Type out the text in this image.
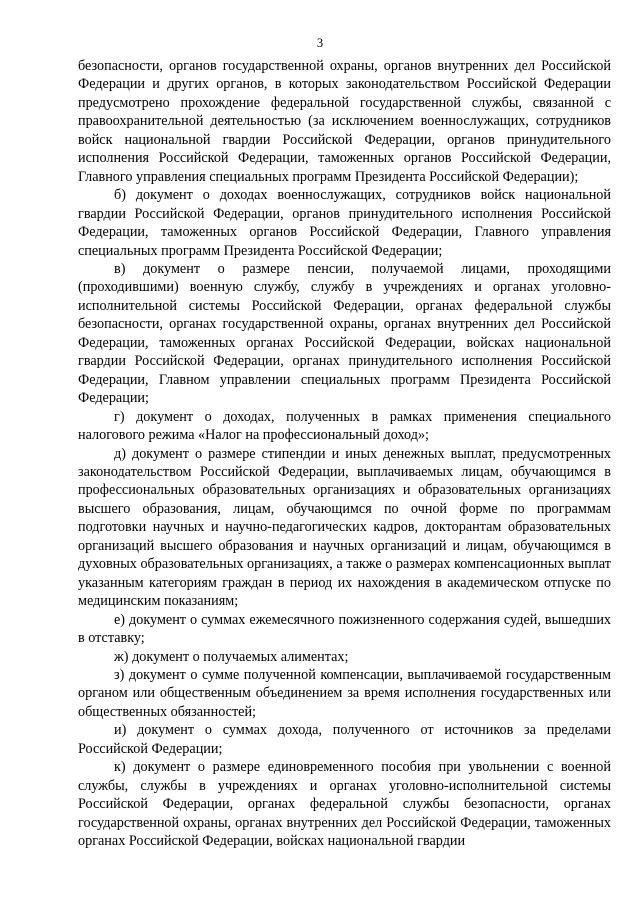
3

безопасности, органов государственной охраны, органов внутренних дел Российской Федерации и других органов, в которых законодательством Российской Федерации предусмотрено прохождение федеральной государственной службы, связанной с правоохранительной деятельностью (за исключением военнослужащих, сотрудников войск национальной гвардии Российской Федерации, органов принудительного исполнения Российской Федерации, таможенных органов Российской Федерации, Главного управления специальных программ Президента Российской Федерации);

б) документ о доходах военнослужащих, сотрудников войск национальной гвардии Российской Федерации, органов принудительного исполнения Российской Федерации, таможенных органов Российской Федерации, Главного управления специальных программ Президента Российской Федерации;

в) документ о размере пенсии, получаемой лицами, проходящими (проходившими) военную службу, службу в учреждениях и органах уголовно-исполнительной системы Российской Федерации, органах федеральной службы безопасности, органах государственной охраны, органах внутренних дел Российской Федерации, таможенных органах Российской Федерации, войсках национальной гвардии Российской Федерации, органах принудительного исполнения Российской Федерации, Главном управлении специальных программ Президента Российской Федерации;

г) документ о доходах, полученных в рамках применения специального налогового режима «Налог на профессиональный доход»;

д) документ о размере стипендии и иных денежных выплат, предусмотренных законодательством Российской Федерации, выплачиваемых лицам, обучающимся в профессиональных образовательных организациях и образовательных организациях высшего образования, лицам, обучающимся по очной форме по программам подготовки научных и научно-педагогических кадров, докторантам образовательных организаций высшего образования и научных организаций и лицам, обучающимся в духовных образовательных организациях, а также о размерах компенсационных выплат указанным категориям граждан в период их нахождения в академическом отпуске по медицинским показаниям;

е) документ о суммах ежемесячного пожизненного содержания судей, вышедших в отставку;

ж) документ о получаемых алиментах;

з) документ о сумме полученной компенсации, выплачиваемой государственным органом или общественным объединением за время исполнения государственных или общественных обязанностей;

и) документ о суммах дохода, полученного от источников за пределами Российской Федерации;

к) документ о размере единовременного пособия при увольнении с военной службы, службы в учреждениях и органах уголовно-исполнительной системы Российской Федерации, органах федеральной службы безопасности, органах государственной охраны, органах внутренних дел Российской Федерации, таможенных органах Российской Федерации, войсках национальной гвардии
